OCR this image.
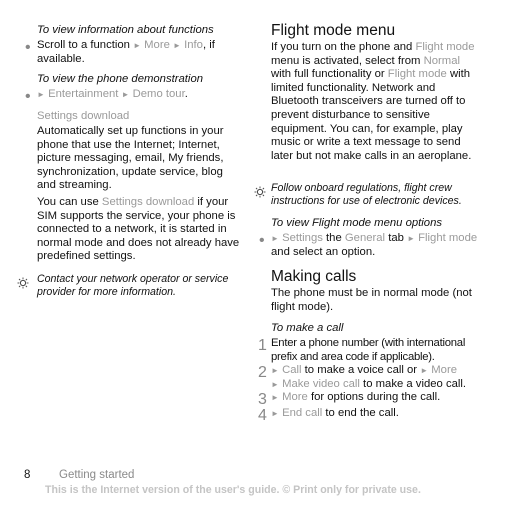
To view information about functions

• Scroll to a function ► More ► Info, if available.

To view the phone demonstration

• ► Entertainment ► Demo tour.

Settings download

Automatically set up functions in your phone that use the Internet; Internet, picture messaging, email, My friends, synchronization, update service, blog and streaming.

You can use Settings download if your SIM supports the service, your phone is connected to a network, it is started in normal mode and does not already have predefined settings.

Contact your network operator or service provider for more information.

Flight mode menu

If you turn on the phone and Flight mode menu is activated, select from Normal with full functionality or Flight mode with limited functionality. Network and Bluetooth transceivers are turned off to prevent disturbance to sensitive equipment. You can, for example, play music or write a text message to send later but not make calls in an aeroplane.

Follow onboard regulations, flight crew instructions for use of electronic devices.

To view Flight mode menu options

• ► Settings the General tab ► Flight mode and select an option.

Making calls

The phone must be in normal mode (not flight mode).

To make a call

1 Enter a phone number (with international prefix and area code if applicable).

2 ► Call to make a voice call or ► More
► Make video call to make a video call.

3 ► More for options during the call.

4 ► End call to end the call.

8 Getting started
This is the Internet version of the user's guide. © Print only for private use.
